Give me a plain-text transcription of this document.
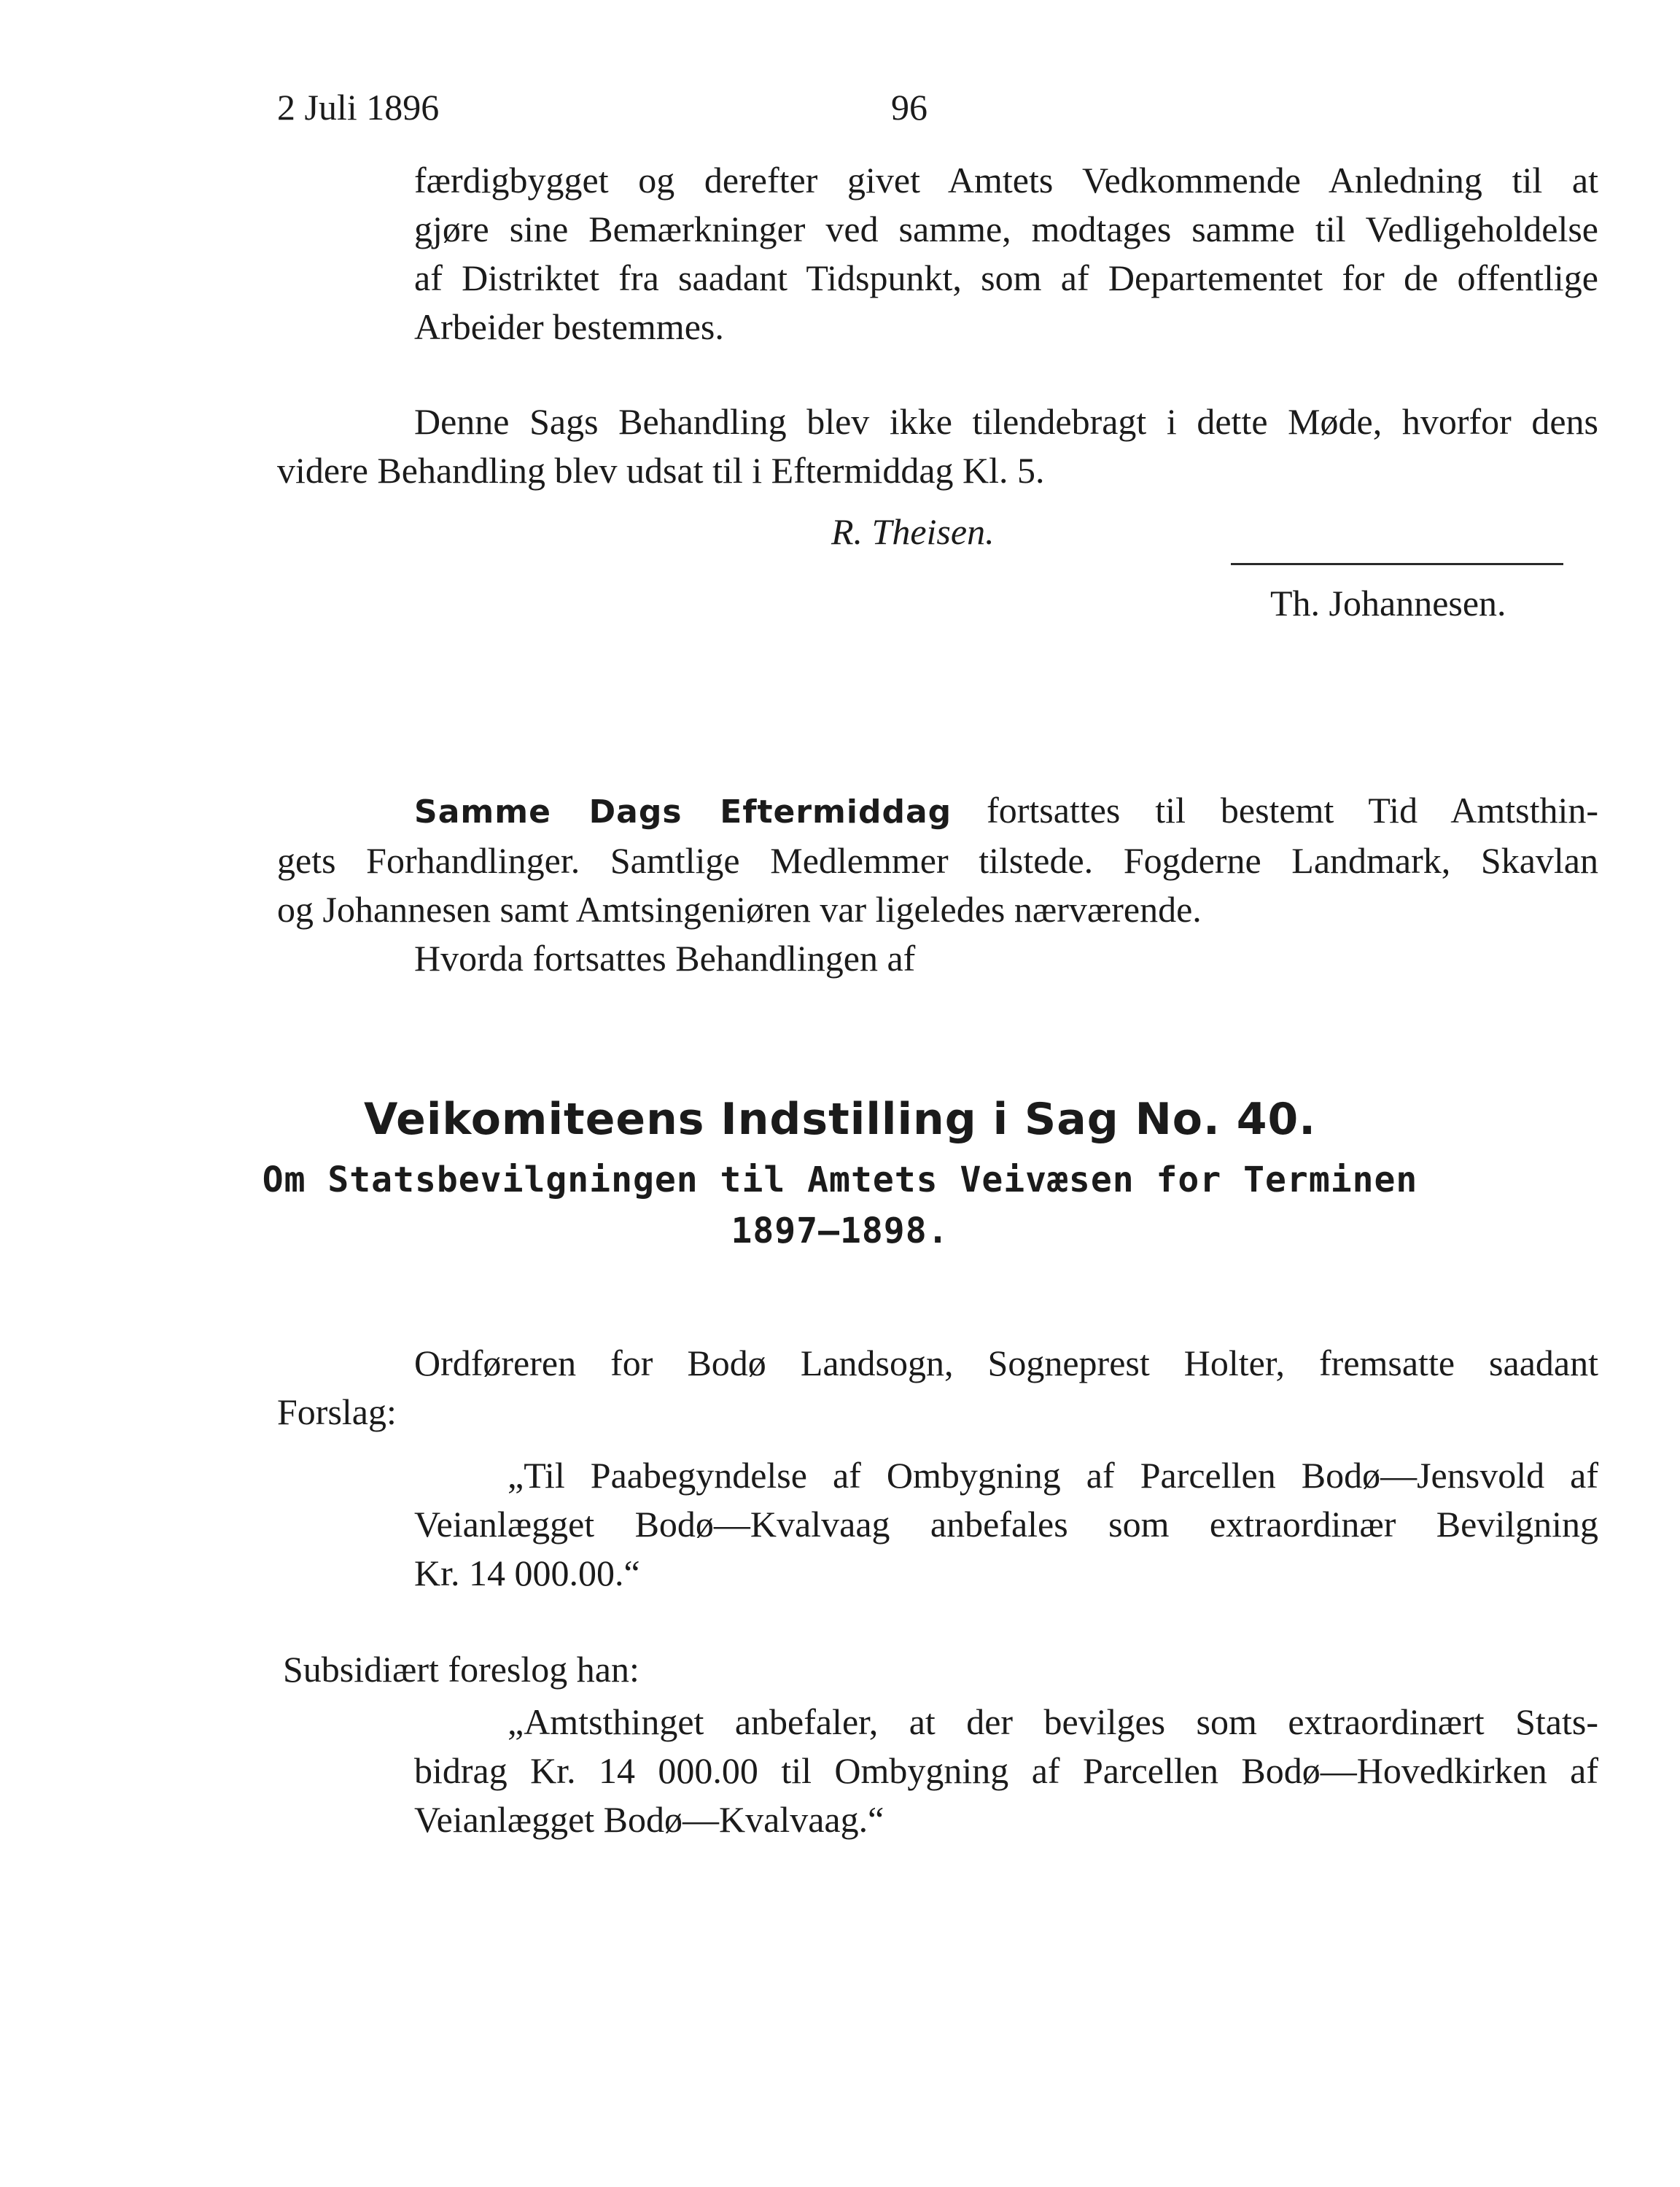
2 Juli 1896	96
færdigbygget og derefter givet Amtets Vedkommende Anledning til at
gjøre sine Bemærkninger ved samme, modtages samme til Vedligeholdelse
af Distriktet fra saadant Tidspunkt, som af Departementet for de offentlige
Arbeider bestemmes.
Denne Sags Behandling blev ikke tilendebragt i dette Møde, hvorfor dens
videre Behandling blev udsat til i Eftermiddag Kl. 5.
R. Theisen.
Th. Johannesen.
Samme Dags Eftermiddag fortsattes til bestemt Tid Amtsthin-
gets Forhandlinger. Samtlige Medlemmer tilstede. Fogderne Landmark, Skavlan
og Johannesen samt Amtsingeniøren var ligeledes nærværende.
Hvorda fortsattes Behandlingen af
Veikomiteens Indstilling i Sag No. 40.
Om Statsbevilgningen til Amtets Veivæsen for Terminen
1897—1898.
Ordføreren for Bodø Landsogn, Sogneprest Holter, fremsatte saadant
Forslag:
„Til Paabegyndelse af Ombygning af Parcellen Bodø—Jensvold af
Veianlægget Bodø—Kvalvaag anbefales som extraordinær Bevilgning
Kr. 14 000.00.“
Subsidiært foreslog han:
„Amtsthinget anbefaler, at der bevilges som extraordinært Stats-
bidrag Kr. 14 000.00 til Ombygning af Parcellen Bodø—Hovedkirken af
Veianlægget Bodø—Kvalvaag.“
